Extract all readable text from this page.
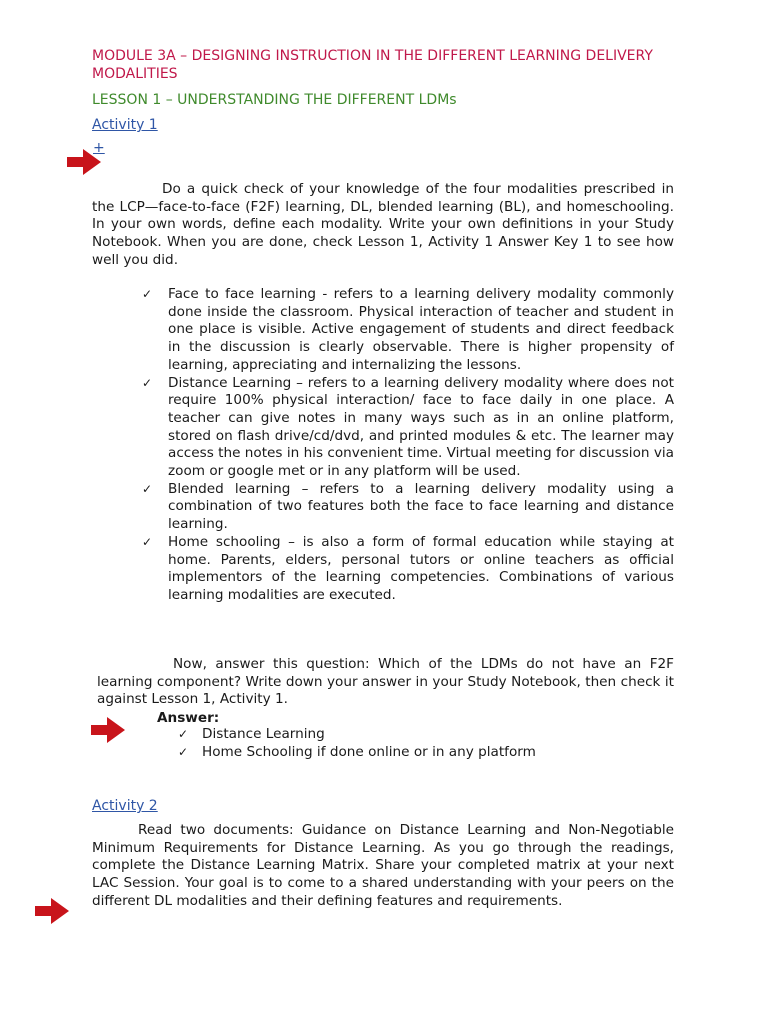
MODULE 3A – DESIGNING INSTRUCTION IN THE DIFFERENT LEARNING DELIVERY MODALITIES
LESSON 1 – UNDERSTANDING THE DIFFERENT LDMs
Activity 1
+

Do a quick check of your knowledge of the four modalities prescribed in the LCP—face-to-face (F2F) learning, DL, blended learning (BL), and homeschooling. In your own words, define each modality. Write your own definitions in your Study Notebook. When you are done, check Lesson 1, Activity 1 Answer Key 1 to see how well you did.

✓ Face to face learning - refers to a learning delivery modality commonly done inside the classroom. Physical interaction of teacher and student in one place is visible. Active engagement of students and direct feedback in the discussion is clearly observable. There is higher propensity of learning, appreciating and internalizing the lessons.
✓ Distance Learning – refers to a learning delivery modality where does not require 100% physical interaction/ face to face daily in one place. A teacher can give notes in many ways such as in an online platform, stored on flash drive/cd/dvd, and printed modules & etc. The learner may access the notes in his convenient time. Virtual meeting for discussion via zoom or google met or in any platform will be used.
✓ Blended learning – refers to a learning delivery modality using a combination of two features both the face to face learning and distance learning.
✓ Home schooling – is also a form of formal education while staying at home. Parents, elders, personal tutors or online teachers as official implementors of the learning competencies. Combinations of various learning modalities are executed.

Now, answer this question: Which of the LDMs do not have an F2F learning component? Write down your answer in your Study Notebook, then check it against Lesson 1, Activity 1.

Answer:
✓ Distance Learning
✓ Home Schooling if done online or in any platform
Activity 2

Read two documents: Guidance on Distance Learning and Non-Negotiable Minimum Requirements for Distance Learning. As you go through the readings, complete the Distance Learning Matrix. Share your completed matrix at your next LAC Session. Your goal is to come to a shared understanding with your peers on the different DL modalities and their defining features and requirements.
